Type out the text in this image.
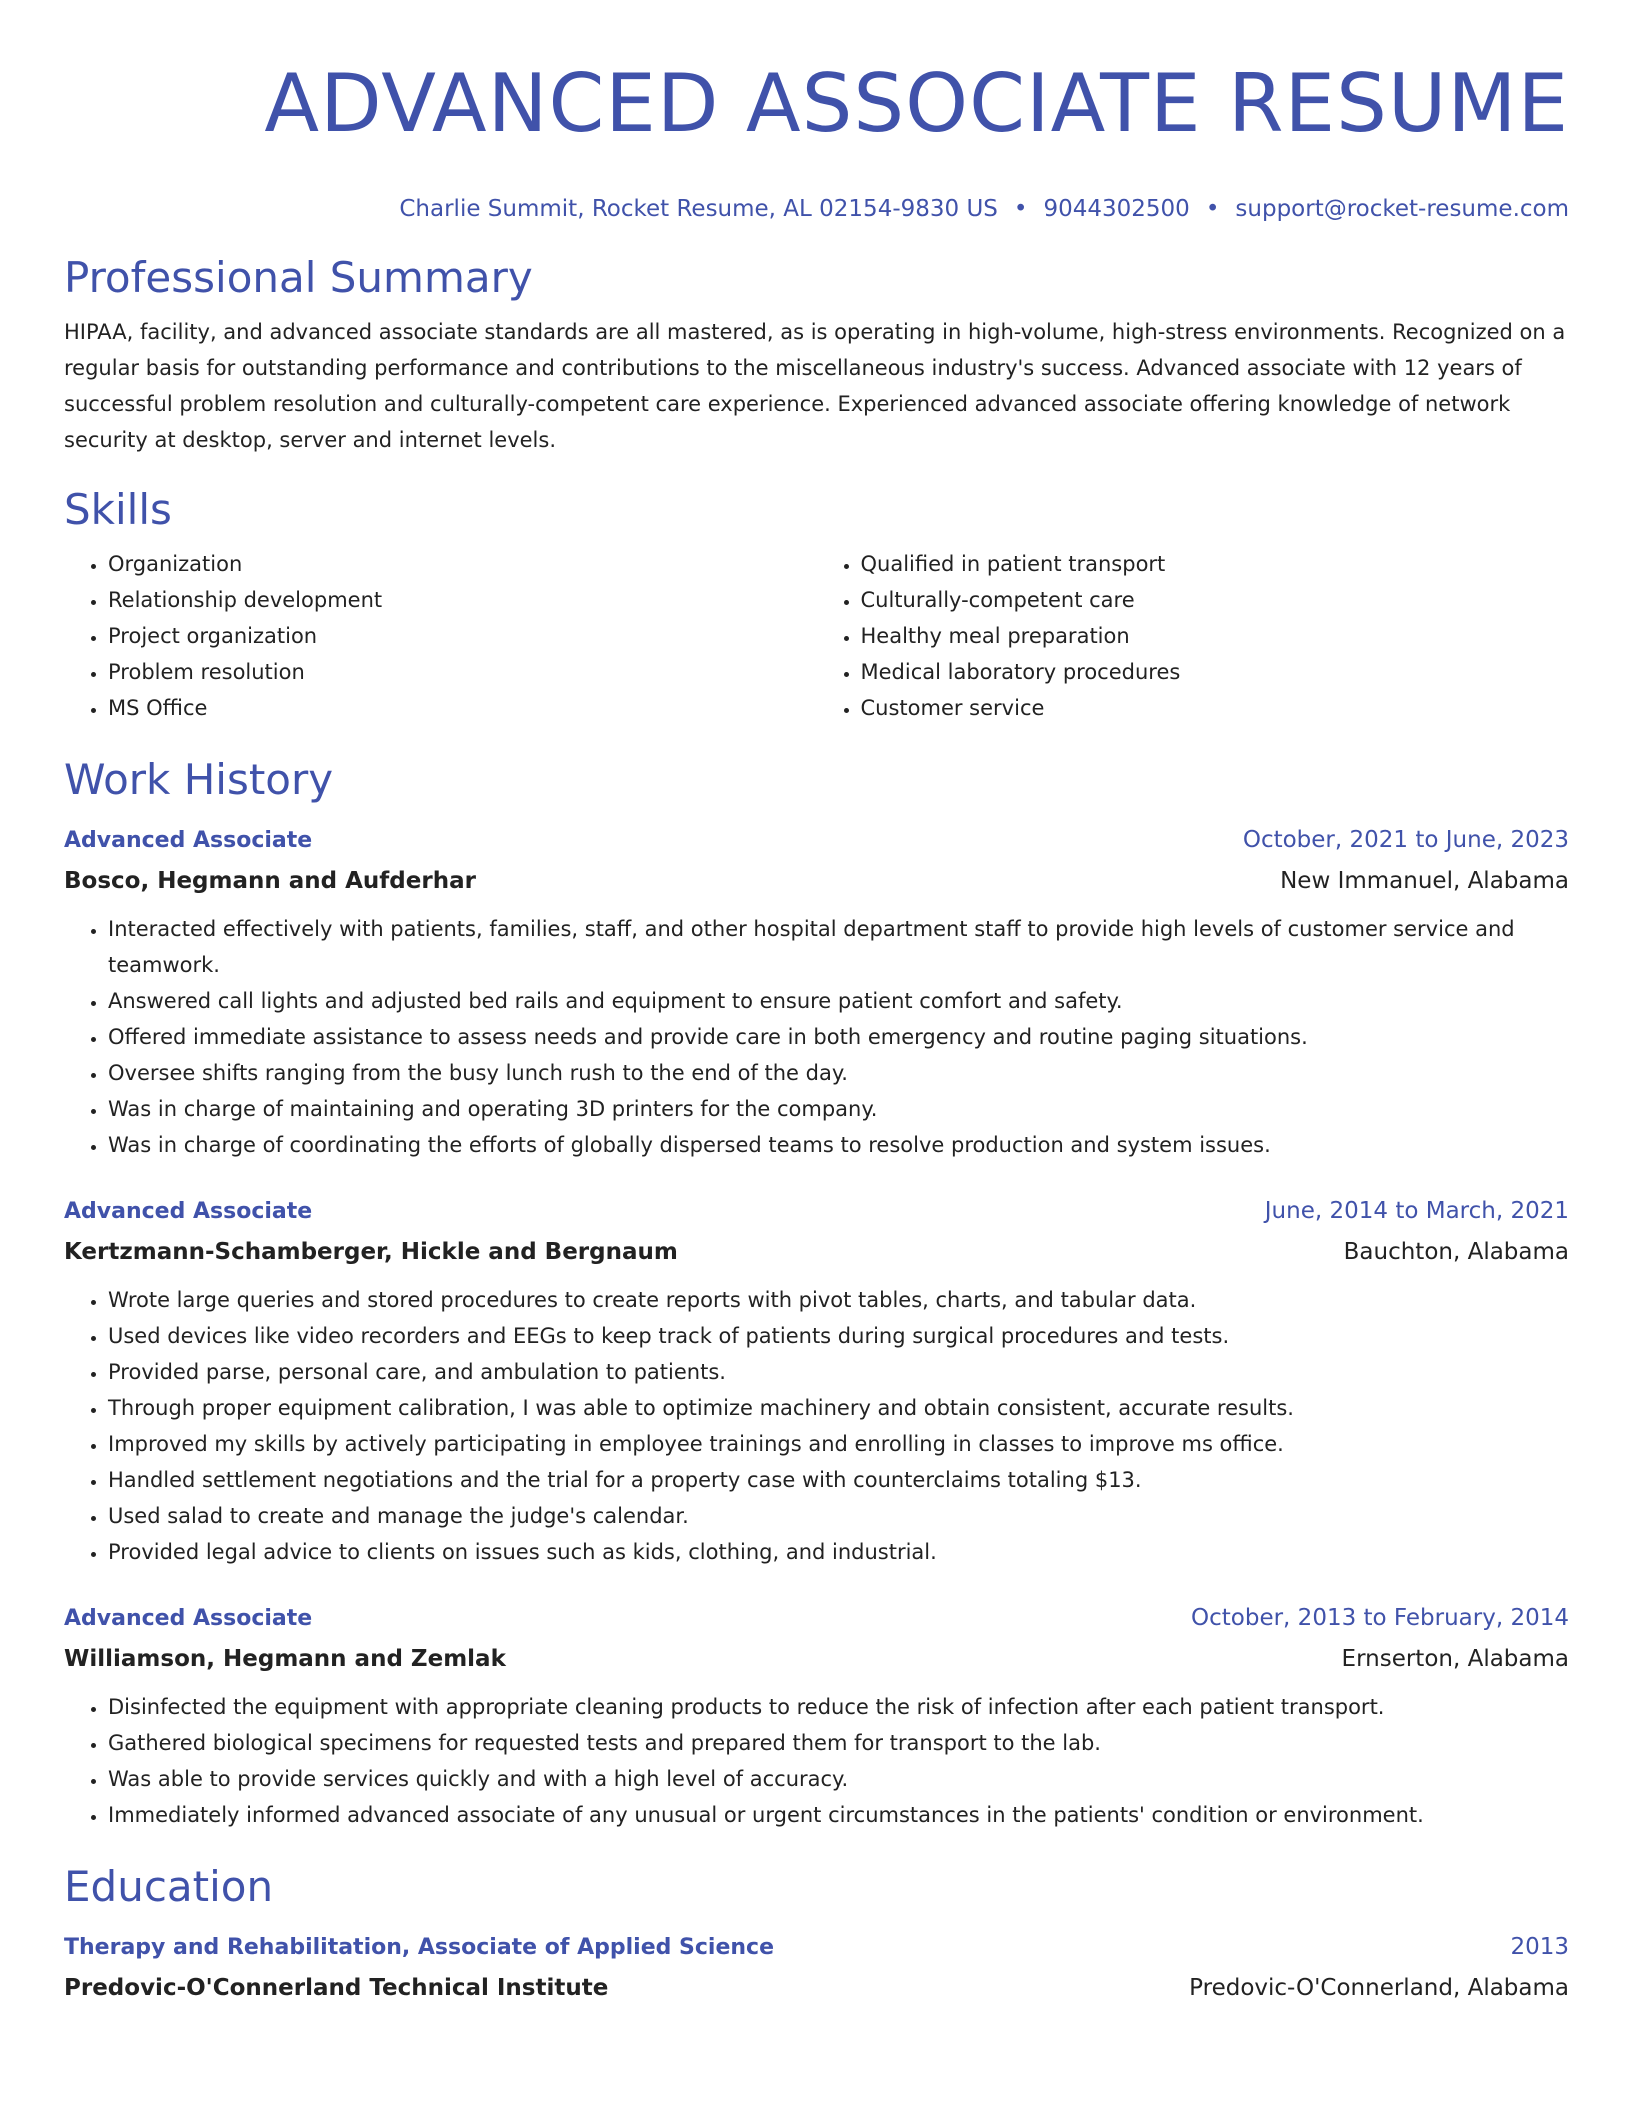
ADVANCED ASSOCIATE RESUME
Charlie Summit, Rocket Resume, AL 02154-9830 US • 9044302500 • support@rocket-resume.com
Professional Summary
HIPAA, facility, and advanced associate standards are all mastered, as is operating in high-volume, high-stress environments. Recognized on a regular basis for outstanding performance and contributions to the miscellaneous industry's success. Advanced associate with 12 years of successful problem resolution and culturally-competent care experience. Experienced advanced associate offering knowledge of network security at desktop, server and internet levels.
Skills
• Organization
• Relationship development
• Project organization
• Problem resolution
• MS Office
• Qualified in patient transport
• Culturally-competent care
• Healthy meal preparation
• Medical laboratory procedures
• Customer service
Work History
Advanced Associate	October, 2021 to June, 2023
Bosco, Hegmann and Aufderhar	New Immanuel, Alabama
• Interacted effectively with patients, families, staff, and other hospital department staff to provide high levels of customer service and teamwork.
• Answered call lights and adjusted bed rails and equipment to ensure patient comfort and safety.
• Offered immediate assistance to assess needs and provide care in both emergency and routine paging situations.
• Oversee shifts ranging from the busy lunch rush to the end of the day.
• Was in charge of maintaining and operating 3D printers for the company.
• Was in charge of coordinating the efforts of globally dispersed teams to resolve production and system issues.
Advanced Associate	June, 2014 to March, 2021
Kertzmann-Schamberger, Hickle and Bergnaum	Bauchton, Alabama
• Wrote large queries and stored procedures to create reports with pivot tables, charts, and tabular data.
• Used devices like video recorders and EEGs to keep track of patients during surgical procedures and tests.
• Provided parse, personal care, and ambulation to patients.
• Through proper equipment calibration, I was able to optimize machinery and obtain consistent, accurate results.
• Improved my skills by actively participating in employee trainings and enrolling in classes to improve ms office.
• Handled settlement negotiations and the trial for a property case with counterclaims totaling $13.
• Used salad to create and manage the judge's calendar.
• Provided legal advice to clients on issues such as kids, clothing, and industrial.
Advanced Associate	October, 2013 to February, 2014
Williamson, Hegmann and Zemlak	Ernserton, Alabama
• Disinfected the equipment with appropriate cleaning products to reduce the risk of infection after each patient transport.
• Gathered biological specimens for requested tests and prepared them for transport to the lab.
• Was able to provide services quickly and with a high level of accuracy.
• Immediately informed advanced associate of any unusual or urgent circumstances in the patients' condition or environment.
Education
Therapy and Rehabilitation, Associate of Applied Science	2013
Predovic-O'Connerland Technical Institute	Predovic-O'Connerland, Alabama
